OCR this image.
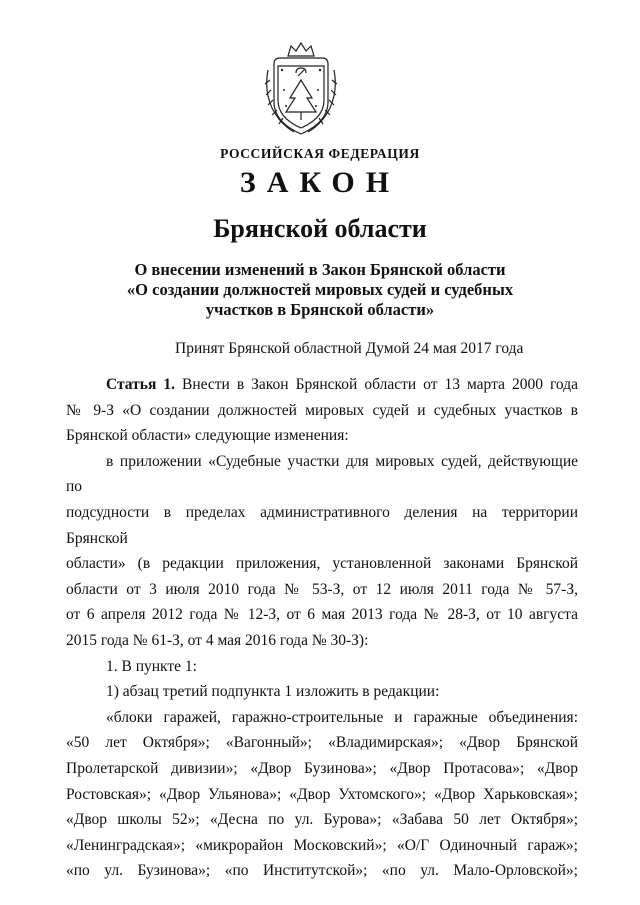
РОССИЙСКАЯ ФЕДЕРАЦИЯ
ЗАКОН
Брянской области
О внесении изменений в Закон Брянской области
«О создании должностей мировых судей и судебных
участков в Брянской области»
Принят Брянской областной Думой 24 мая 2017 года

Статья 1. Внести в Закон Брянской области от 13 марта 2000 года

№ 9-З «О создании должностей мировых судей и судебных участков в

Брянской области» следующие изменения:

в приложении «Судебные участки для мировых судей, действующие по

подсудности в пределах административного деления на территории Брянской

области» (в редакции приложения, установленной законами Брянской

области от 3 июля 2010 года № 53-З, от 12 июля 2011 года № 57-З,

от 6 апреля 2012 года № 12-З, от 6 мая 2013 года № 28-З, от 10 августа

2015 года № 61-З, от 4 мая 2016 года № 30-З):

1. В пункте 1:

1) абзац третий подпункта 1 изложить в редакции:

«блоки гаражей, гаражно-строительные и гаражные объединения:

«50 лет Октября»; «Вагонный»; «Владимирская»; «Двор Брянской

Пролетарской дивизии»; «Двор Бузинова»; «Двор Протасова»; «Двор

Ростовская»; «Двор Ульянова»; «Двор Ухтомского»; «Двор Харьковская»;

«Двор школы 52»; «Десна по ул. Бурова»; «Забава 50 лет Октября»;

«Ленинградская»; «микрорайон Московский»; «О/Г Одиночный гараж»;

«по ул. Бузинова»; «по Институтской»; «по ул. Мало-Орловской»;
